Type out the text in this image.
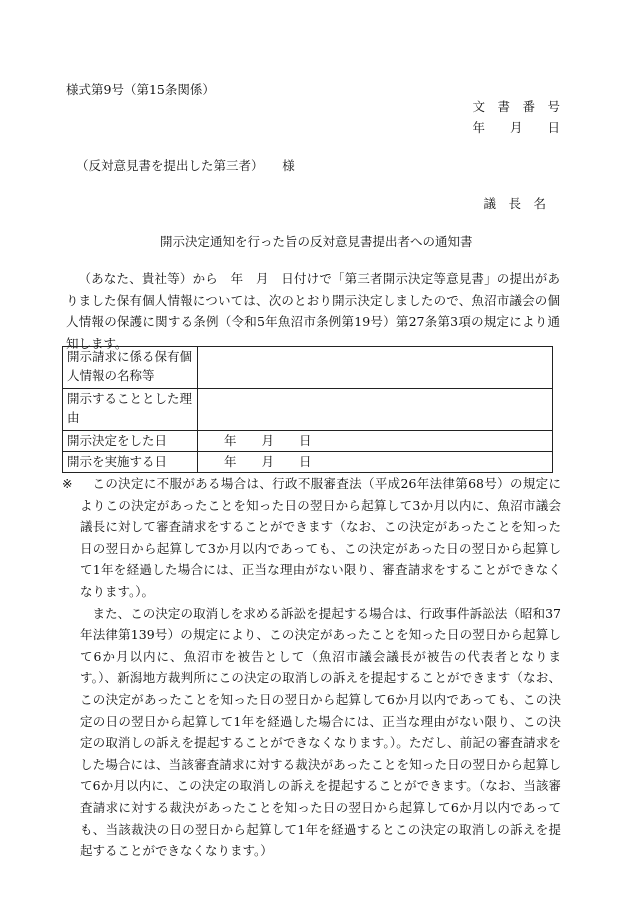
様式第9号（第15条関係）
文　書　番　号
年　　月　　日
（反対意見書を提出した第三者）　　様
議　長　名
開示決定通知を行った旨の反対意見書提出者への通知書

（あなた、貴社等）から　年　月　日付けで「第三者開示決定等意見書」の提出がありました保有個人情報については、次のとおり開示決定しましたので、魚沼市議会の個人情報の保護に関する条例（令和5年魚沼市条例第19号）第27条第3項の規定により通知します。

開示請求に係る保有個人情報の名称等	
開示することとした理由	
開示決定をした日	年　　月　　日
開示を実施する日	年　　月　　日
※	この決定に不服がある場合は、行政不服審査法（平成26年法律第68号）の規定によりこの決定があったことを知った日の翌日から起算して3か月以内に、魚沼市議会議長に対して審査請求をすることができます（なお、この決定があったことを知った日の翌日から起算して3か月以内であっても、この決定があった日の翌日から起算して1年を経過した場合には、正当な理由がない限り、審査請求をすることができなくなります。）。

また、この決定の取消しを求める訴訟を提起する場合は、行政事件訴訟法（昭和37年法律第139号）の規定により、この決定があったことを知った日の翌日から起算して6か月以内に、魚沼市を被告として（魚沼市議会議長が被告の代表者となります。）、新潟地方裁判所にこの決定の取消しの訴えを提起することができます（なお、この決定があったことを知った日の翌日から起算して6か月以内であっても、この決定の日の翌日から起算して1年を経過した場合には、正当な理由がない限り、この決定の取消しの訴えを提起することができなくなります。）。ただし、前記の審査請求をした場合には、当該審査請求に対する裁決があったことを知った日の翌日から起算して6か月以内に、この決定の取消しの訴えを提起することができます。（なお、当該審査請求に対する裁決があったことを知った日の翌日から起算して6か月以内であっても、当該裁決の日の翌日から起算して1年を経過するとこの決定の取消しの訴えを提起することができなくなります。）
